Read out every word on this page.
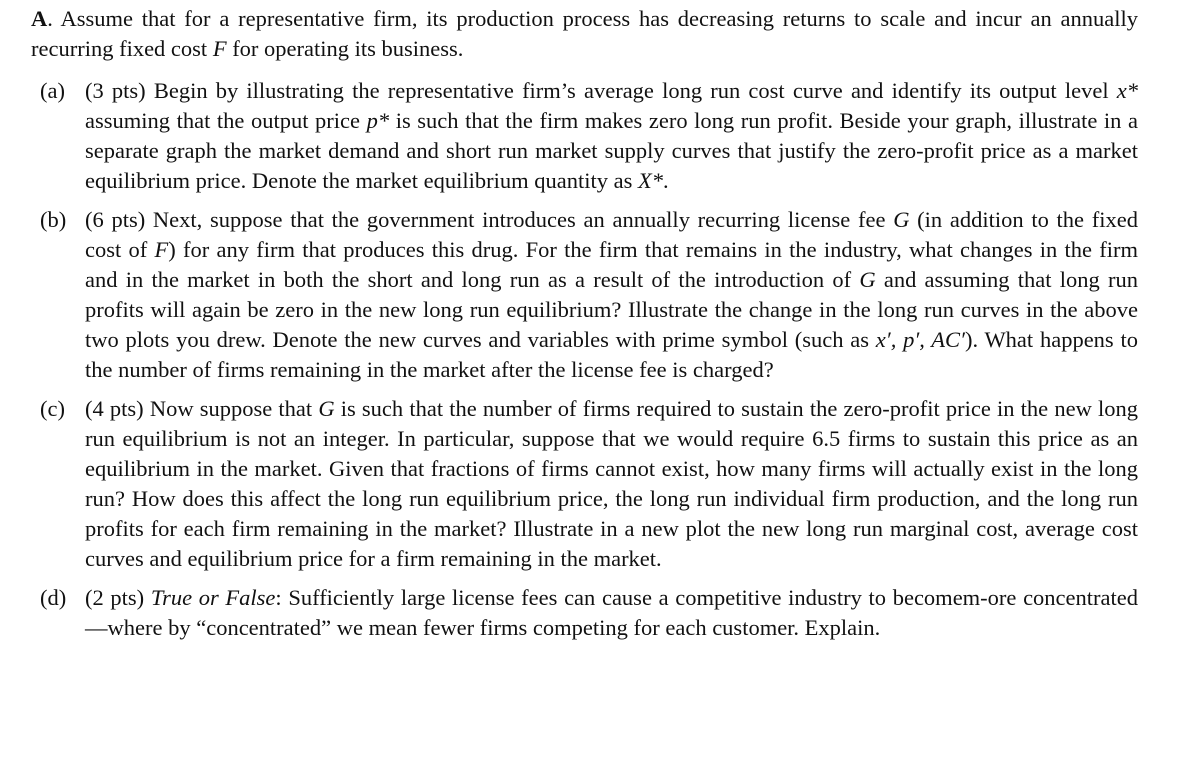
A. Assume that for a representative firm, its production process has decreasing returns to scale and incur an annually recurring fixed cost F for operating its business.

(a) (3 pts) Begin by illustrating the representative firm’s average long run cost curve and identify its output level x* assuming that the output price p* is such that the firm makes zero long run profit. Beside your graph, illustrate in a separate graph the market demand and short run market supply curves that justify the zero-profit price as a market equilibrium price. Denote the market equilibrium quantity as X*.

(b) (6 pts) Next, suppose that the government introduces an annually recurring license fee G (in addition to the fixed cost of F) for any firm that produces this drug. For the firm that remains in the industry, what changes in the firm and in the market in both the short and long run as a result of the introduction of G and assuming that long run profits will again be zero in the new long run equilibrium? Illustrate the change in the long run curves in the above two plots you drew. Denote the new curves and variables with prime symbol (such as x′, p′, AC′). What happens to the number of firms remaining in the market after the license fee is charged?

(c) (4 pts) Now suppose that G is such that the number of firms required to sustain the zero-profit price in the new long run equilibrium is not an integer. In particular, suppose that we would require 6.5 firms to sustain this price as an equilibrium in the market. Given that fractions of firms cannot exist, how many firms will actually exist in the long run? How does this affect the long run equilibrium price, the long run individual firm production, and the long run profits for each firm remaining in the market? Illustrate in a new plot the new long run marginal cost, average cost curves and equilibrium price for a firm remaining in the market.

(d) (2 pts) True or False: Sufficiently large license fees can cause a competitive industry to becomem-ore concentrated—where by “concentrated” we mean fewer firms competing for each customer. Explain.
